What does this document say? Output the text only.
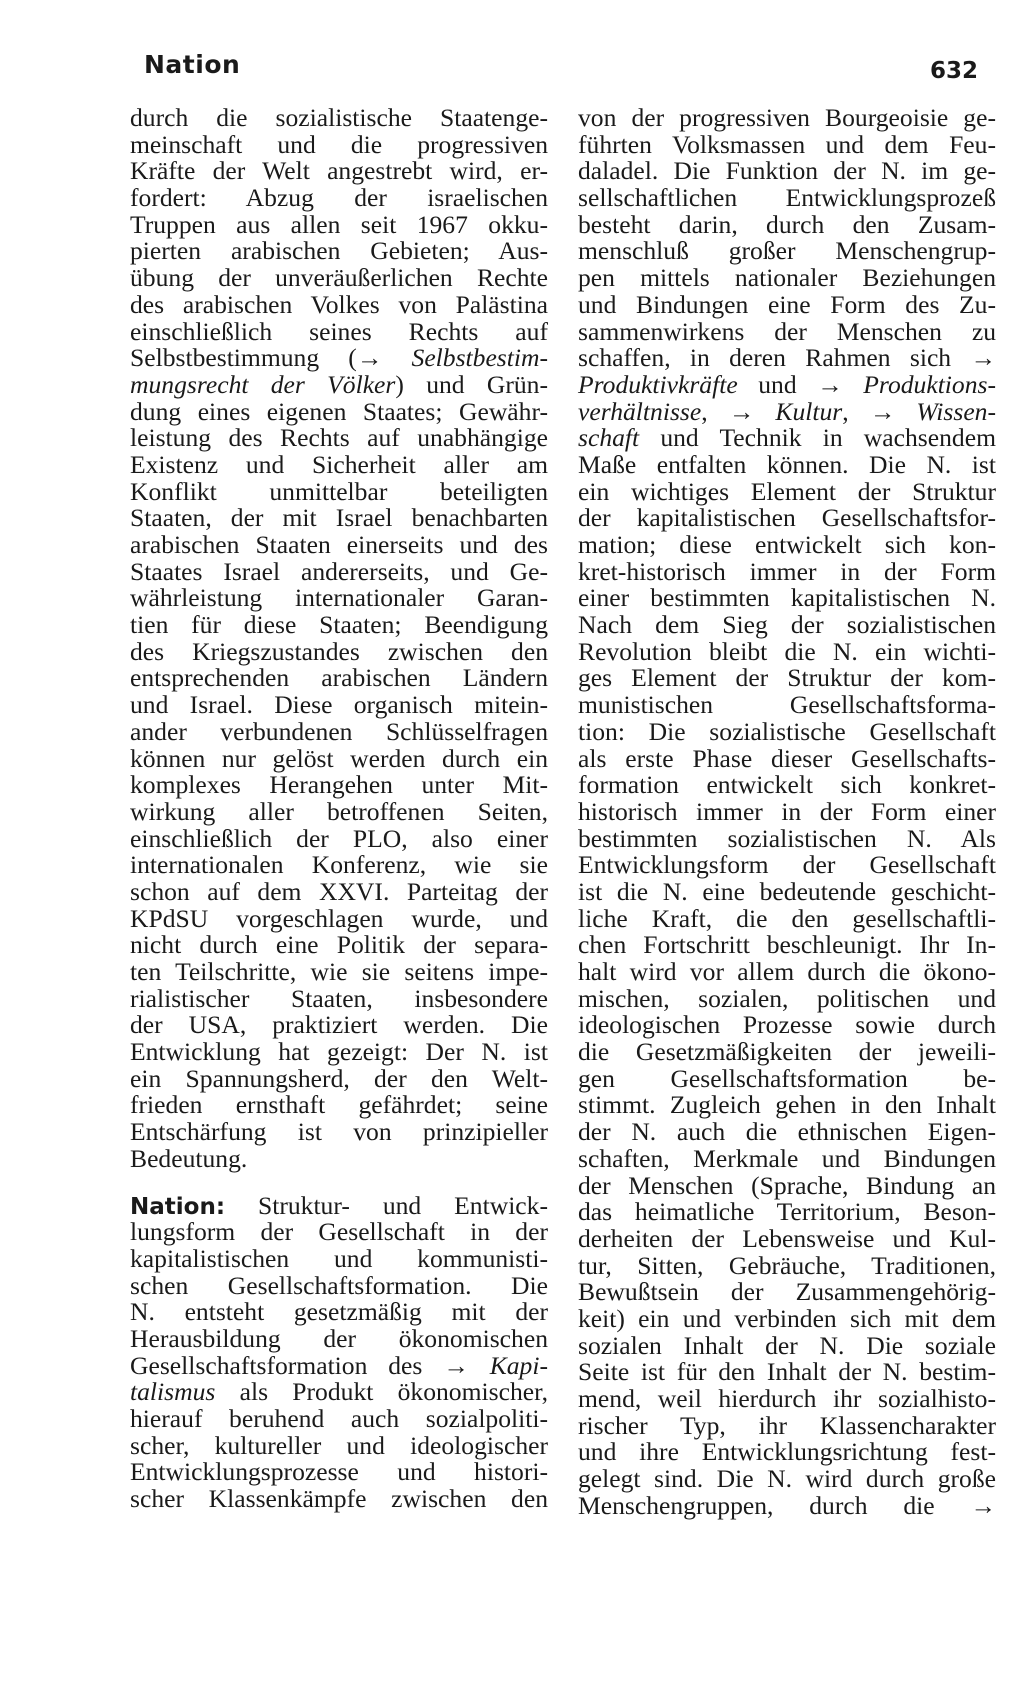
Nation	632
durch die sozialistische Staatenge-
meinschaft und die progressiven
Kräfte der Welt angestrebt wird, er-
fordert: Abzug der israelischen
Truppen aus allen seit 1967 okku-
pierten arabischen Gebieten; Aus-
übung der unveräußerlichen Rechte
des arabischen Volkes von Palästina
einschließlich seines Rechts auf
Selbstbestimmung (→ Selbstbestim-
mungsrecht der Völker) und Grün-
dung eines eigenen Staates; Gewähr-
leistung des Rechts auf unabhängige
Existenz und Sicherheit aller am
Konflikt unmittelbar beteiligten
Staaten, der mit Israel benachbarten
arabischen Staaten einerseits und des
Staates Israel andererseits, und Ge-
währleistung internationaler Garan-
tien für diese Staaten; Beendigung
des Kriegszustandes zwischen den
entsprechenden arabischen Ländern
und Israel. Diese organisch mitein-
ander verbundenen Schlüsselfragen
können nur gelöst werden durch ein
komplexes Herangehen unter Mit-
wirkung aller betroffenen Seiten,
einschließlich der PLO, also einer
internationalen Konferenz, wie sie
schon auf dem XXVI. Parteitag der
KPdSU vorgeschlagen wurde, und
nicht durch eine Politik der separa-
ten Teilschritte, wie sie seitens impe-
rialistischer Staaten, insbesondere
der USA, praktiziert werden. Die
Entwicklung hat gezeigt: Der N. ist
ein Spannungsherd, der den Welt-
frieden ernsthaft gefährdet; seine
Entschärfung ist von prinzipieller
Bedeutung.
Nation: Struktur- und Entwick-
lungsform der Gesellschaft in der
kapitalistischen und kommunisti-
schen Gesellschaftsformation. Die
N. entsteht gesetzmäßig mit der
Herausbildung der ökonomischen
Gesellschaftsformation des → Kapi-
talismus als Produkt ökonomischer,
hierauf beruhend auch sozialpoliti-
scher, kultureller und ideologischer
Entwicklungsprozesse und histori-
scher Klassenkämpfe zwischen den
von der progressiven Bourgeoisie ge-
führten Volksmassen und dem Feu-
daladel. Die Funktion der N. im ge-
sellschaftlichen Entwicklungsprozeß
besteht darin, durch den Zusam-
menschluß großer Menschengrup-
pen mittels nationaler Beziehungen
und Bindungen eine Form des Zu-
sammenwirkens der Menschen zu
schaffen, in deren Rahmen sich →
Produktivkräfte und → Produktions-
verhältnisse, → Kultur, → Wissen-
schaft und Technik in wachsendem
Maße entfalten können. Die N. ist
ein wichtiges Element der Struktur
der kapitalistischen Gesellschaftsfor-
mation; diese entwickelt sich kon-
kret-historisch immer in der Form
einer bestimmten kapitalistischen N.
Nach dem Sieg der sozialistischen
Revolution bleibt die N. ein wichti-
ges Element der Struktur der kom-
munistischen Gesellschaftsforma-
tion: Die sozialistische Gesellschaft
als erste Phase dieser Gesellschafts-
formation entwickelt sich konkret-
historisch immer in der Form einer
bestimmten sozialistischen N. Als
Entwicklungsform der Gesellschaft
ist die N. eine bedeutende geschicht-
liche Kraft, die den gesellschaftli-
chen Fortschritt beschleunigt. Ihr In-
halt wird vor allem durch die ökono-
mischen, sozialen, politischen und
ideologischen Prozesse sowie durch
die Gesetzmäßigkeiten der jeweili-
gen Gesellschaftsformation be-
stimmt. Zugleich gehen in den Inhalt
der N. auch die ethnischen Eigen-
schaften, Merkmale und Bindungen
der Menschen (Sprache, Bindung an
das heimatliche Territorium, Beson-
derheiten der Lebensweise und Kul-
tur, Sitten, Gebräuche, Traditionen,
Bewußtsein der Zusammengehörig-
keit) ein und verbinden sich mit dem
sozialen Inhalt der N. Die soziale
Seite ist für den Inhalt der N. bestim-
mend, weil hierdurch ihr sozialhisto-
rischer Typ, ihr Klassencharakter
und ihre Entwicklungsrichtung fest-
gelegt sind. Die N. wird durch große
Menschengruppen, durch die →
